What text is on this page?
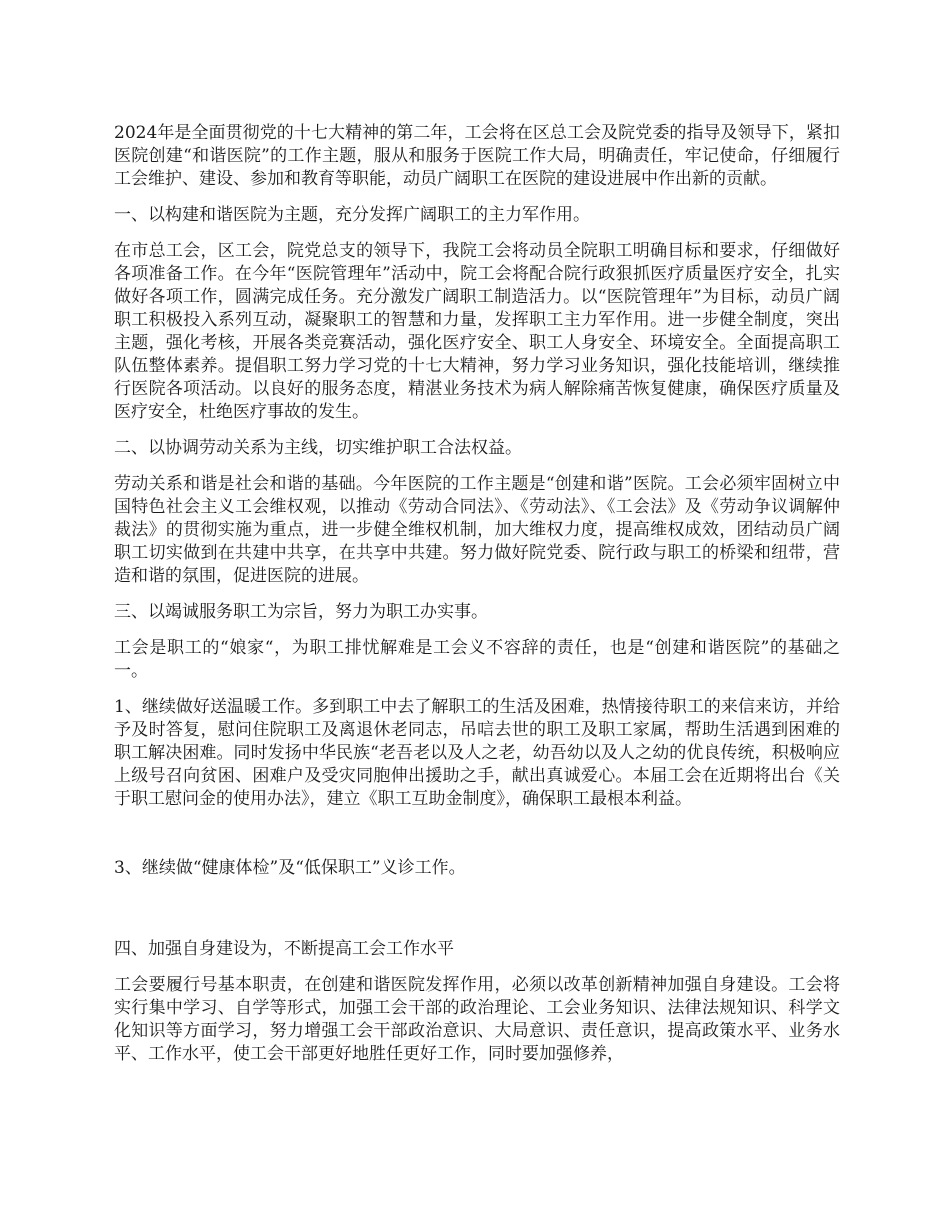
2024年是全面贯彻党的十七大精神的第二年，工会将在区总工会及院党委的指导及领导下，紧扣医院创建“和谐医院”的工作主题，服从和服务于医院工作大局，明确责任，牢记使命，仔细履行工会维护、建设、参加和教育等职能，动员广阔职工在医院的建设进展中作出新的贡献。

一、以构建和谐医院为主题，充分发挥广阔职工的主力军作用。

在市总工会，区工会，院党总支的领导下，我院工会将动员全院职工明确目标和要求，仔细做好各项准备工作。在今年“医院管理年”活动中，院工会将配合院行政狠抓医疗质量医疗安全，扎实做好各项工作，圆满完成任务。充分激发广阔职工制造活力。以“医院管理年”为目标，动员广阔职工积极投入系列互动，凝聚职工的智慧和力量，发挥职工主力军作用。进一步健全制度，突出主题，强化考核，开展各类竞赛活动，强化医疗安全、职工人身安全、环境安全。全面提高职工队伍整体素养。提倡职工努力学习党的十七大精神，努力学习业务知识，强化技能培训，继续推行医院各项活动。以良好的服务态度，精湛业务技术为病人解除痛苦恢复健康，确保医疗质量及医疗安全，杜绝医疗事故的发生。

二、以协调劳动关系为主线，切实维护职工合法权益。

劳动关系和谐是社会和谐的基础。今年医院的工作主题是“创建和谐”医院。工会必须牢固树立中国特色社会主义工会维权观，以推动《劳动合同法》、《劳动法》、《工会法》及《劳动争议调解仲裁法》的贯彻实施为重点，进一步健全维权机制，加大维权力度，提高维权成效，团结动员广阔职工切实做到在共建中共享，在共享中共建。努力做好院党委、院行政与职工的桥梁和纽带，营造和谐的氛围，促进医院的进展。

三、以竭诚服务职工为宗旨，努力为职工办实事。

工会是职工的“娘家“，为职工排忧解难是工会义不容辞的责任，也是“创建和谐医院”的基础之一。

1、继续做好送温暖工作。多到职工中去了解职工的生活及困难，热情接待职工的来信来访，并给予及时答复，慰问住院职工及离退休老同志，吊唁去世的职工及职工家属，帮助生活遇到困难的职工解决困难。同时发扬中华民族“老吾老以及人之老，幼吾幼以及人之幼的优良传统，积极响应上级号召向贫困、困难户及受灾同胞伸出援助之手，献出真诚爱心。本届工会在近期将出台《关于职工慰问金的使用办法》，建立《职工互助金制度》，确保职工最根本利益。

3、继续做“健康体检”及“低保职工”义诊工作。

四、加强自身建设为，不断提高工会工作水平

工会要履行号基本职责，在创建和谐医院发挥作用，必须以改革创新精神加强自身建设。工会将实行集中学习、自学等形式，加强工会干部的政治理论、工会业务知识、法律法规知识、科学文化知识等方面学习，努力增强工会干部政治意识、大局意识、责任意识，提高政策水平、业务水平、工作水平，使工会干部更好地胜任更好工作，同时要加强修养，
